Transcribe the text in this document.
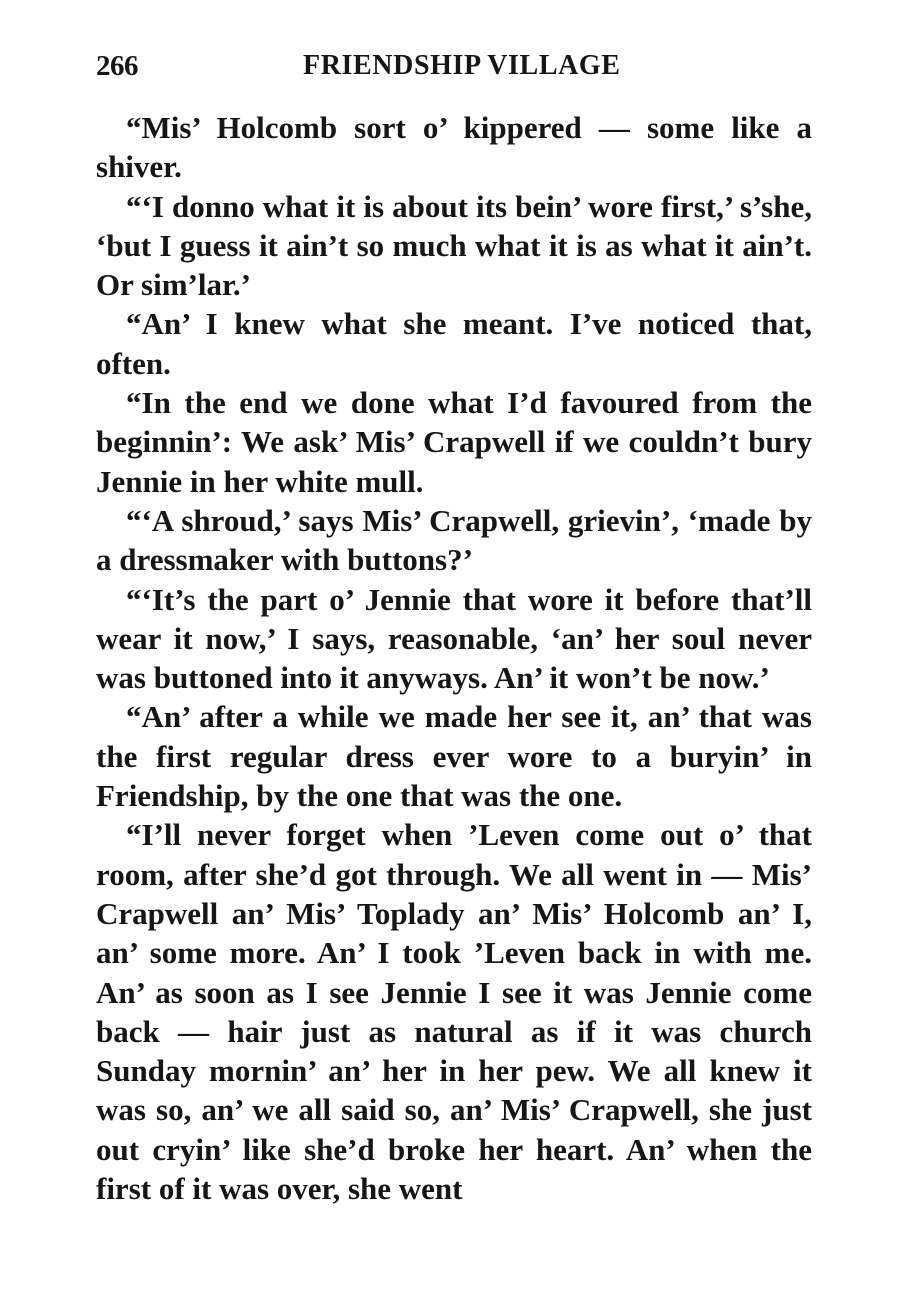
266	FRIENDSHIP VILLAGE

“Mis’ Holcomb sort o’ kippered — some like a shiver.

“‘I donno what it is about its bein’ wore first,’ s’she, ‘but I guess it ain’t so much what it is as what it ain’t. Or sim’lar.’

“An’ I knew what she meant. I’ve noticed that, often.

“In the end we done what I’d favoured from the beginnin’: We ask’ Mis’ Crapwell if we couldn’t bury Jennie in her white mull.

“‘A shroud,’ says Mis’ Crapwell, grievin’, ‘made by a dressmaker with buttons?’

“‘It’s the part o’ Jennie that wore it before that’ll wear it now,’ I says, reasonable, ‘an’ her soul never was buttoned into it anyways. An’ it won’t be now.’

“An’ after a while we made her see it, an’ that was the first regular dress ever wore to a buryin’ in Friendship, by the one that was the one.

“I’ll never forget when ’Leven come out o’ that room, after she’d got through. We all went in — Mis’ Crapwell an’ Mis’ Toplady an’ Mis’ Holcomb an’ I, an’ some more. An’ I took ’Leven back in with me. An’ as soon as I see Jennie I see it was Jennie come back — hair just as natural as if it was church Sunday mornin’ an’ her in her pew. We all knew it was so, an’ we all said so, an’ Mis’ Crapwell, she just out cryin’ like she’d broke her heart. An’ when the first of it was over, she went
